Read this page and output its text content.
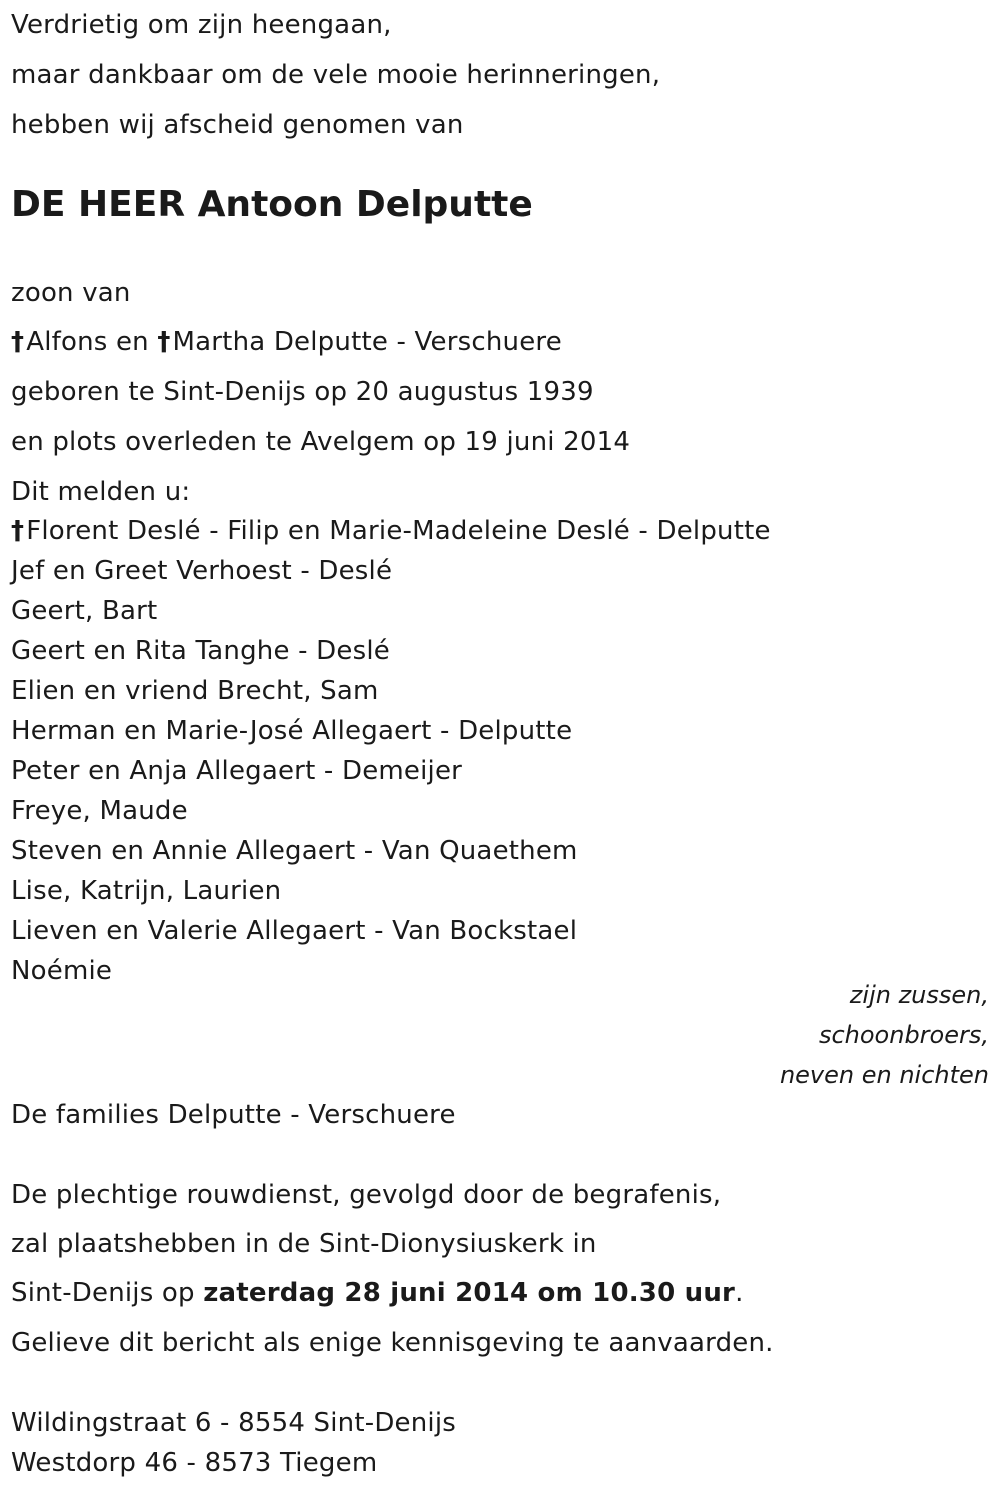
Verdrietig om zijn heengaan,
maar dankbaar om de vele mooie herinneringen,
hebben wij afscheid genomen van
DE HEER Antoon Delputte
zoon van
†Alfons en †Martha Delputte - Verschuere
geboren te Sint-Denijs op 20 augustus 1939
en plots overleden te Avelgem op 19 juni 2014
Dit melden u:
†Florent Deslé - Filip en Marie-Madeleine Deslé - Delputte
Jef en Greet Verhoest - Deslé
Geert, Bart
Geert en Rita Tanghe - Deslé
Elien en vriend Brecht, Sam
Herman en Marie-José Allegaert - Delputte
Peter en Anja Allegaert - Demeijer
Freye, Maude
Steven en Annie Allegaert - Van Quaethem
Lise, Katrijn, Laurien
Lieven en Valerie Allegaert - Van Bockstael
Noémie
zijn zussen,
schoonbroers,
neven en nichten
De families Delputte - Verschuere
De plechtige rouwdienst, gevolgd door de begrafenis,
zal plaatshebben in de Sint-Dionysiuskerk in
Sint-Denijs op zaterdag 28 juni 2014 om 10.30 uur.
Gelieve dit bericht als enige kennisgeving te aanvaarden.
Wildingstraat 6 - 8554 Sint-Denijs
Westdorp 46 - 8573 Tiegem
